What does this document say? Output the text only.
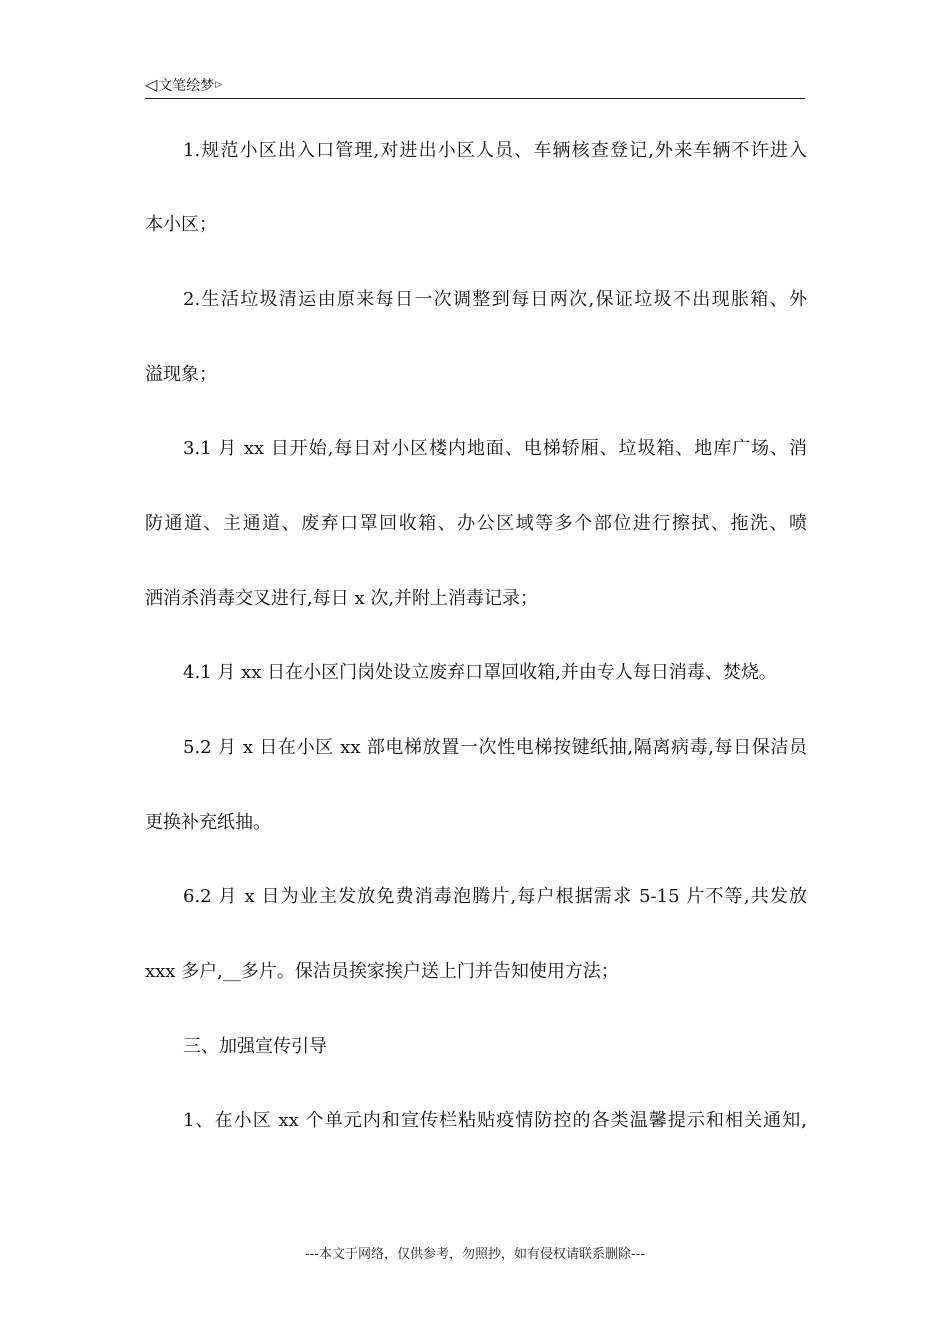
◁文笔绘梦▷
1.规范小区出入口管理,对进出小区人员、车辆核查登记,外来车辆不许进入
本小区；
2.生活垃圾清运由原来每日一次调整到每日两次,保证垃圾不出现胀箱、外
溢现象；
3.1 月 xx 日开始,每日对小区楼内地面、电梯轿厢、垃圾箱、地库广场、消
防通道、主通道、废弃口罩回收箱、办公区域等多个部位进行擦拭、拖洗、喷
洒消杀消毒交叉进行,每日 x 次,并附上消毒记录；
4.1 月 xx 日在小区门岗处设立废弃口罩回收箱,并由专人每日消毒、焚烧。
5.2 月 x 日在小区 xx 部电梯放置一次性电梯按键纸抽,隔离病毒,每日保洁员
更换补充纸抽。
6.2 月 x 日为业主发放免费消毒泡腾片,每户根据需求 5-15 片不等,共发放
xxx 多户,__多片。保洁员挨家挨户送上门并告知使用方法；
三、加强宣传引导
1、在小区 xx 个单元内和宣传栏粘贴疫情防控的各类温馨提示和相关通知,
---本文于网络，仅供参考，勿照抄，如有侵权请联系删除---
